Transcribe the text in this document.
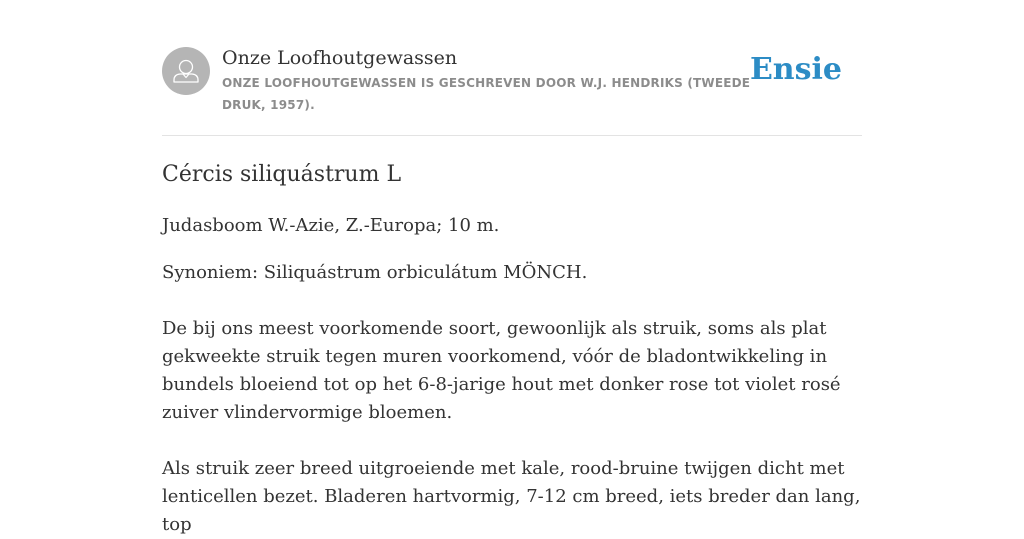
Onze Loofhoutgewassen
ONZE LOOFHOUTGEWASSEN IS GESCHREVEN DOOR W.J. HENDRIKS (TWEEDE DRUK, 1957).
Ensie
Cércis siliquástrum L

Judasboom W.-Azie, Z.-Europa; 10 m.

Synoniem: Siliquástrum orbiculátum MÖNCH.

De bij ons meest voorkomende soort, gewoonlijk als struik, soms als plat gekweekte struik tegen muren voorkomend, vóór de bladontwikkeling in bundels bloeiend tot op het 6-8-jarige hout met donker rose tot violet rosé zuiver vlindervormige bloemen.

Als struik zeer breed uitgroeiende met kale, rood-bruine twijgen dicht met lenticellen bezet. Bladeren hartvormig, 7-12 cm breed, iets breder dan lang, top
